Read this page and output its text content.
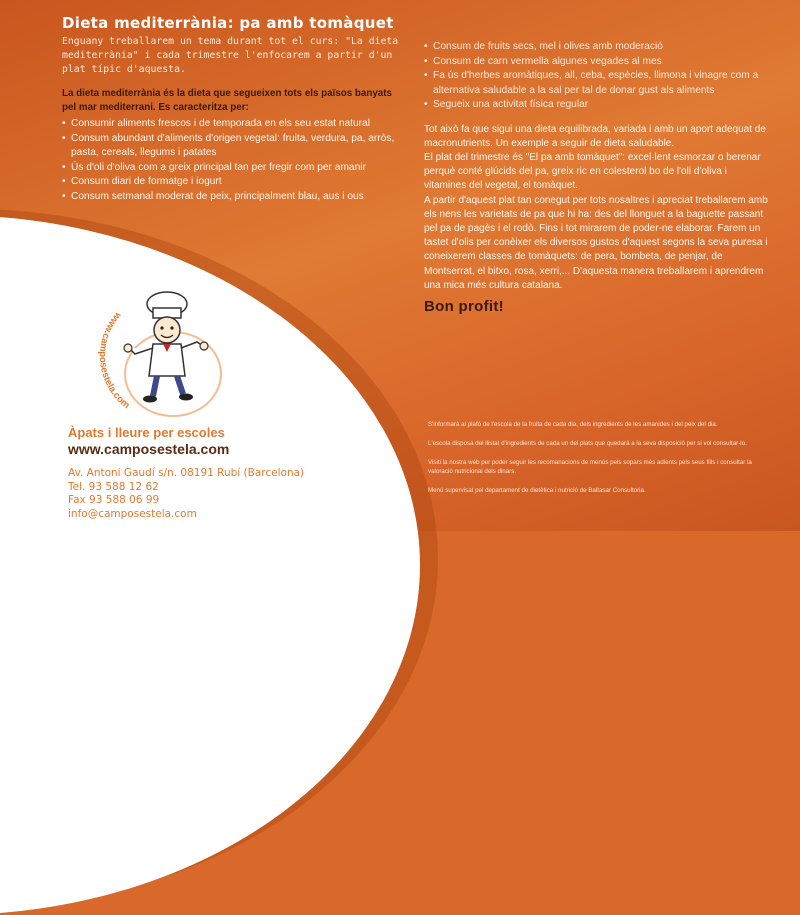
Dieta mediterrània: pa amb tomàquet

Enguany treballarem un tema durant tot el curs: "La dieta mediterrània" i cada trimestre l'enfocarem a partir d'un plat típic d'aquesta.

La dieta mediterrània és la dieta que segueixen tots els països banyats pel mar mediterrani. Es caracteritza per:

• Consumir aliments frescos i de temporada en els seu estat natural
• Consum abundant d'aliments d'origen vegetal: fruita, verdura, pa, arròs, pasta, cereals, llegums i patates
• Ús d'oli d'oliva com a greix principal tan per fregir com per amanir
• Consum diari de formatge i iogurt
• Consum setmanal moderat de peix, principalment blau, aus i ous
• Consum de fruits secs, mel i olives amb moderació
• Consum de carn vermella algunes vegades al mes
• Fa ús d'herbes aromàtiques, all, ceba, espècies, llimona i vinagre com a alternativa saludable a la sal per tal de donar gust als aliments
• Segueix una activitat física regular

Tot això fa que sigui una dieta equilibrada, variada i amb un aport adequat de macronutrients. Un exemple a seguir de dieta saludable.

El plat del trimestre és "El pa amb tomàquet": excel·lent esmorzar o berenar perquè conté glúcids del pa, greix ric en colesterol bo de l'oli d'oliva i vitamines del vegetal, el tomàquet.

A partir d'aquest plat tan conegut per tots nosaltres i apreciat treballarem amb els nens les varietats de pa que hi ha: des del llonguet a la baguette passant pel pa de pagès i el rodò. Fins i tot mirarem de poder-ne elaborar. Farem un tastet d'olis per conèixer els diversos gustos d'aquest segons la seva puresa i coneixerem classes de tomàquets: de pera, bombeta, de penjar, de Montserrat, el bitxo, rosa, xerri,... D'aquesta manera treballarem i aprendrem una mica més cultura catalana.

Bon profit!

S'informarà al plafó de l'escola de la fruita de cada dia, dels ingredients de les amanides i del peix del dia.

L'escola disposa del llistat d'ingredients de cada un del plats que quedarà a la seva disposició per si vol consultar-lo.

Visiti la nostra web per poder seguir les recomanacions de menús pels sopars més adients pels seus fills i consultar la valoració nutricional dels dinars.

Menú supervisat pel departament de dietètica i nutrició de Baltasar Consultoria.

www.camposestela.com

Àpats i lleure per escoles

www.camposestela.com

Av. Antoni Gaudí s/n. 08191 Rubí (Barcelona)

Tel. 93 588 12 62

Fax 93 588 06 99

info@camposestela.com
